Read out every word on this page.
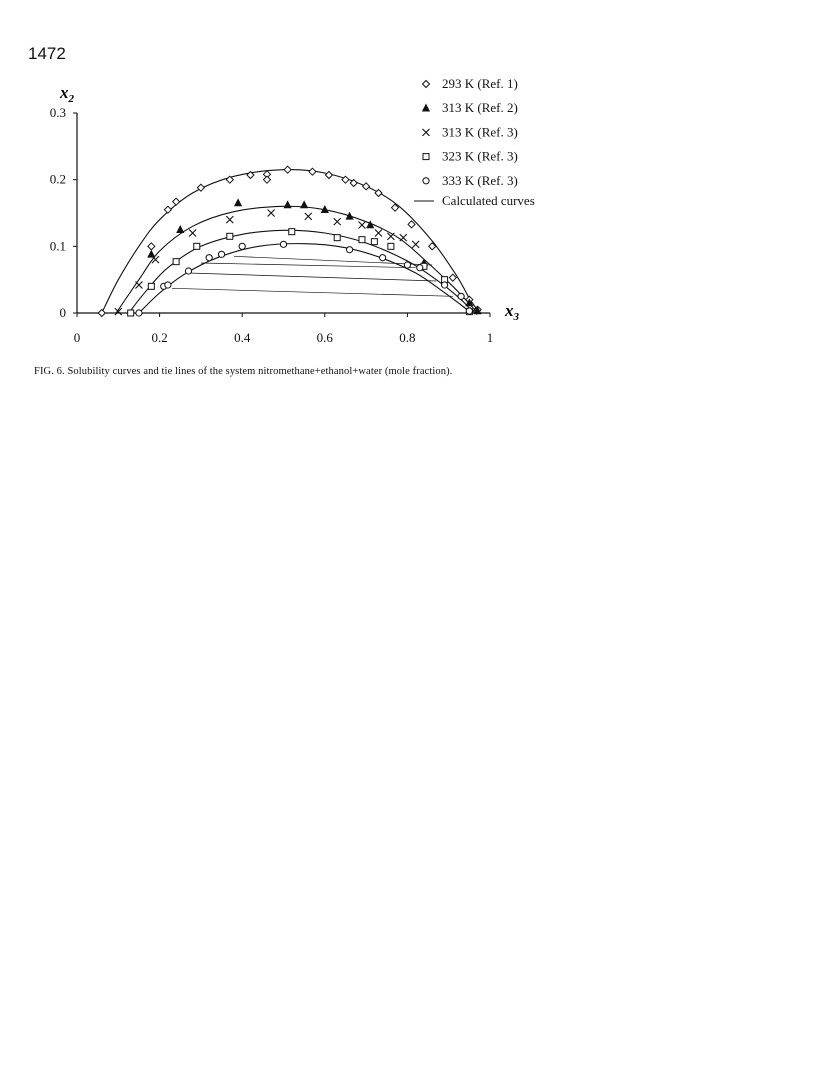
1472
0	0.2	0.4	0.6	0.8	1
0
0.1
0.2
0.3
293 K (Ref. 1)
313 K (Ref. 2)
313 K (Ref. 3)
323 K (Ref. 3)
333 K (Ref. 3)
Calculated curves
$x_2$
$x_3$
FIG. 6. Solubility curves and tie lines of the system nitromethane+ethanol+water (mole fraction).
